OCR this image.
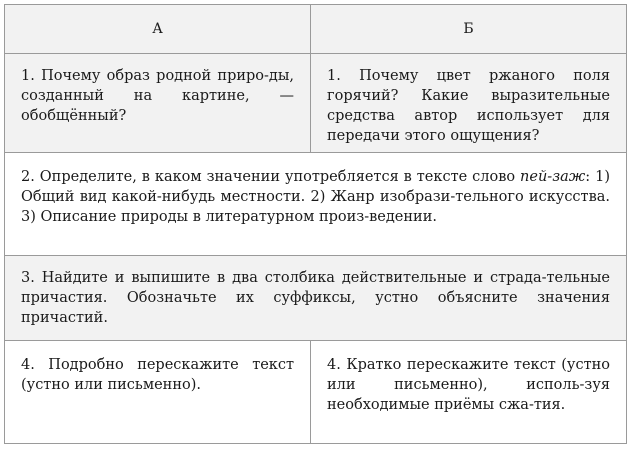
А	Б

1. Почему образ родной приро-ды, созданный на картине, — обобщённый?	1. Почему цвет ржаного поля горячий? Какие выразительные средства автор использует для передачи этого ощущения?

2. Определите, в каком значении употребляется в тексте слово пей-заж: 1) Общий вид какой-нибудь местности. 2) Жанр изобрази-тельного искусства. 3) Описание природы в литературном произ-ведении.	

3. Найдите и выпишите в два столбика действительные и страда-тельные причастия. Обозначьте их суффиксы, устно объясните значения причастий.	

4. Подробно перескажите текст (устно или письменно).	4. Кратко перескажите текст (устно или письменно), исполь-зуя необходимые приёмы сжа-тия.
